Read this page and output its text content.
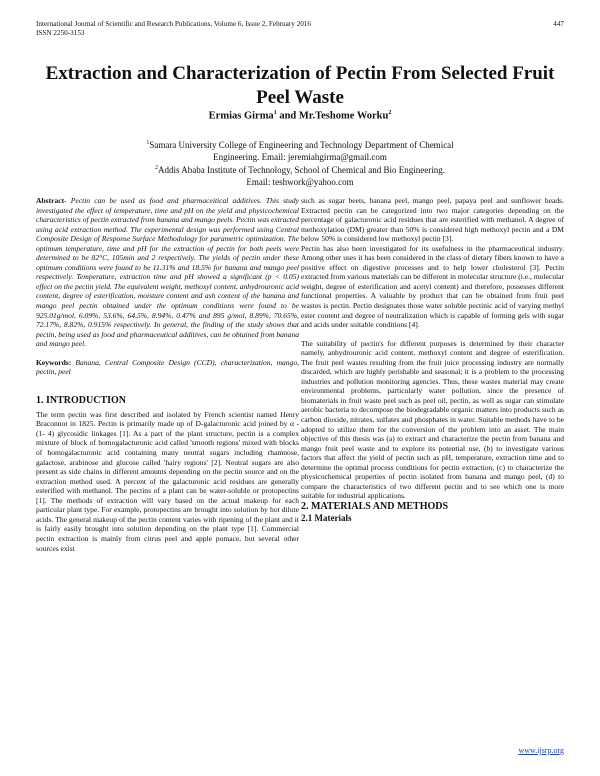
International Journal of Scientific and Research Publications, Volume 6, Issue 2, February 2016
ISSN 2250-3153
447
Extraction and Characterization of Pectin From Selected Fruit Peel Waste
Ermias Girma$^1$ and Mr.Teshome Worku$^2$
$^1$Samara University College of Engineering and Technology Department of Chemical
Engineering. Email: jeremiahgirma@gmail.com
$^2$Addis Ababa Institute of Technology, School of Chemical and Bio Engineering.
Email: teshwork@yahoo.com

Abstract- Pectin can be used as food and pharmaceitical additives. This study investigated the effect of temperature, time and pH on the yield and physicochemical characteristics of pectin extracted from banana and mango peels. Pectin was extracted using acid extraction method. The experimental design was performed using Central Composite Design of Response Surface Methodology for parametric optimization. The optimum temperature, time and pH for the extraction of pectin for both peels were determined to be 82°C, 105min and 2 respectively. The yields of pectin under these optimum conditions were found to be 11.31% and 18.5% for banana and mango peel respectively. Temperature, extraction time and pH showed a significant (p < 0.05) effect on the pectin yield. The equivalent weight, methoxyl content, anhydrouronic acid content, degree of esterification, moisture content and ash content of the banana and mango peel pectin obtained under the optimum conditions were found to be 925.01g/mol, 6.09%, 53.6%, 64.5%, 8.94%, 0.47% and 895 g/mol, 8.89%, 70.65%, 72.17%, 8.82%, 0.915% respectively. In general, the finding of the study shows that pectin, being used as food and pharmaceutical additives, can be obtained from banana and mango peel.

Keywords: Banana, Central Composite Design (CCD), characterization, mango, pectin, peel

1. INTRODUCTION

The term pectin was first described and isolated by French scientist named Henry Braconnot in 1825. Pectin is primarily made up of D-galacturonic acid joined by α - (1- 4) glycosidic linkages [1]. As a part of the plant structure, pectin is a complex mixture of block of homogalacturonic acid called 'smooth regions' mixed with blocks of homogalacturonic acid containing many neutral sugars including rhamnose, galactose, arabinose and glucose called 'hairy regions' [2]. Neutral sugars are also present as side chains in different amounts depending on the pectin source and on the extraction method used. A percent of the galacturonic acid residues are generally esterified with methanol. The pectins of a plant can be water-soluble or protopectins [1]. The methods of extraction will vary based on the actual makeup for each particular plant type. For example, protopectins are brought into solution by hot dilute acids. The general makeup of the pectin content varies with ripening of the plant and it is fairly easily brought into solution depending on the plant type [1]. Commercial pectin extraction is mainly from citrus peel and apple pomace, but several other sources exist

such as sugar beets, banana peel, mango peel, papaya peel and sunflower heads. Extracted pectin can be categorized into two major categories depending on the percentage of galacturonic acid residues that are esterified with methanol. A degree of methoxylation (DM) greater than 50% is considered high methoxyl pectin and a DM below 50% is considered low methoxyl pectin [3].

Pectin has also been investigated for its usefulness in the pharmaceutical industry. Among other uses it has been considered in the class of dietary fibers known to have a positive effect on digestive processes and to help lower cholesterol [3]. Pectin extracted from various materials can be different in molecular structure (i.e., molecular weight, degree of esterification and acetyl content) and therefore, possesses different functional properties. A valuable by product that can be obtained from fruit peel wastes is pectin. Pectin designates those water soluble pectinic acid of varying methyl ester content and degree of neutralization which is capable of forming gels with sugar and acids under suitable conditions [4].

The suitability of pectin's for different purposes is determined by their character namely, anhydrouronic acid content, methoxyl content and degree of esterification. The fruit peel wastes resulting from the fruit juice processing industry are normally discarded, which are highly perishable and seasonal; it is a problem to the processing industries and pollution monitoring agencies. Thus, these wastes material may create environmental problems, particularly water pollution, since the presence of biomaterials in fruit waste peel such as peel oil, pectin, as well as sugar can stimulate aerobic bacteria to decompose the biodegradable organic matters into products such as carbon dioxide, nitrates, sulfates and phosphates in water. Suitable methods have to be adopted to utilize them for the conversion of the problem into an asset. The main objective of this thesis was (a) to extract and characterize the pectin from banana and mango fruit peel waste and to explore its potential use, (b) to investigate various factors that affect the yield of pectin such as pH, temperature, extraction time and to determine the optimal process conditions for pectin extraction, (c) to characterize the physicochemical properties of pectin isolated from banana and mango peel, (d) to compare the characteristics of two different pectin and to see which one is more suitable for industrial applications.

2. MATERIALS AND METHODS
2.1 Materials
www.ijsrp.org
